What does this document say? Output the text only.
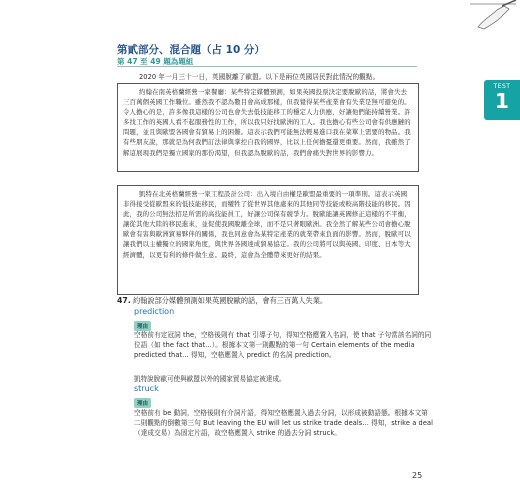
第貳部分、混合題（占 10 分）
第 47 至 49 題為題組
TEST
1
2020 年一月三十一日，英國脫離了歐盟。以下是兩位英國居民對此情況的觀點。

約翰在南英格蘭經營一家餐廳：某些特定媒體預測，如果英國投票決定要脫歐的話，將會失去三百萬個英國工作職位。雖然我不認為數目會高成那樣，但我覺得某些產業會有失業是無可避免的。令人擔心的是，許多像我這樣的公司也會失去低技能移工的穩定人力供應，好讓他們能持續營業。許多找工作的英國人看不起服務性的工作，所以我只好找歐洲的工人。我也擔心有些公司會有供應鏈的問題，並且與歐盟各國會有貿易上的困難。這表示我們可能無法輕易進口我在菜單上需要的物品。我有些朋友說，那就是為何我們訂法律與掌控自我的國界，比以上任何擔憂還更重要。然而，我雖然了解這展現我們是獨立國家的那份渴望，但我認為脫歐的話，我們會痛失對世界的影響力。

凱特在北英格蘭經營一家工程設計公司：出入境自由權是歐盟最重要的一項準則。這表示英國非得接受從歐盟來的低技能移民，而犧牲了從世界其他處來的其他同等技能或較高階技能的移民。因此，我的公司無法招足所需的高技能員工，好讓公司保有競爭力。脫歐能讓英國修正這樣的不平衡，讓從其他大陸的移民進來，並促使我國脫離全球，而不是只著眼歐洲。我全然了解某些公司會擔心脫歐會有害與歐洲貿易夥伴的關係，我也同意會為某特定產業的就業帶來負面的影響。然而，脫歐可以讓我們以主權獨立的國家角度，與世界各國達成貿易協定。我的公司將可以與英國、印度、日本等大經濟體，以更有利的條件做生意。最終，這會為全體帶來更好的結果。

47. 約翰說部分媒體預測如果英國脫歐的話，會有三百萬人失業。
prediction
理由
空格前有定冠詞 the，空格後則有 that 引導子句，得知空格應置入名詞，使 that 子句當該名詞的同位語（如 the fact that...）。根據本文第一則觀點的第一句 Certain elements of the media predicted that... 得知，空格應置入 predict 的名詞 prediction。
凱特說脫歐可使與歐盟以外的國家貿易協定被達成。
struck
理由
空格前有 be 動詞，空格後則有介詞片語，得知空格應置入過去分詞，以形成被動語態。根據本文第二則觀點的倒數第三句 But leaving the EU will let us strike trade deals... 得知，strike a deal（達成交易）為固定片語，故空格應置入 strike 的過去分詞 struck。
25
